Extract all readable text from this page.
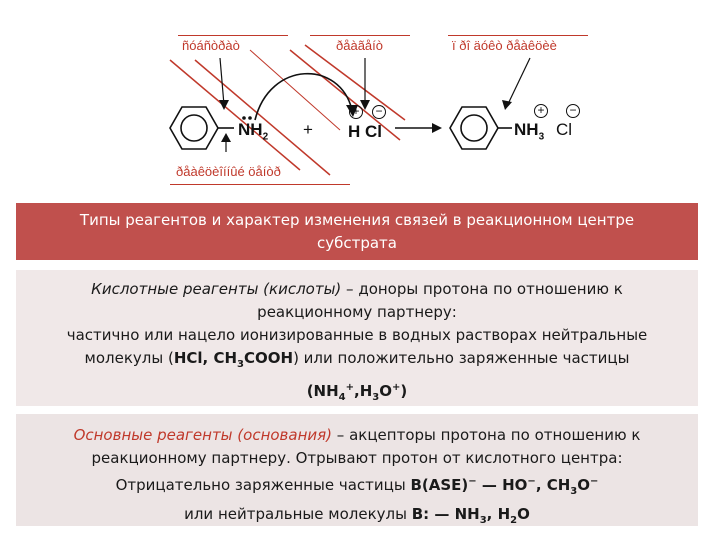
ñóáñòðàò	ðåàãåíò	ï ðî äóêò ðåàêöèè
ðåàêöèîííûé öåíòð
$NH_2$ +
+ −
H Cl
+ −
$NH_3$ Cl
Типы реагентов и характер изменения связей в реакционном центре
субстрата
Кислотные реагенты (кислоты) – доноры протона по отношению к
реакционному партнеру:
частично или нацело ионизированные в водных растворах нейтральные
молекулы (HCl, $CH_3COOH$) или положительно заряженные частицы
$(NH_4^+,H_3O^+)$
Основные реагенты (основания) – акцепторы протона по отношению к
реакционному партнеру. Отрывают протон от кислотного центра:
Отрицательно заряженные частицы B(ASE)− — HO−, $CH_3O^-$
или нейтральные молекулы B: — $NH_3$, $H_2O$
